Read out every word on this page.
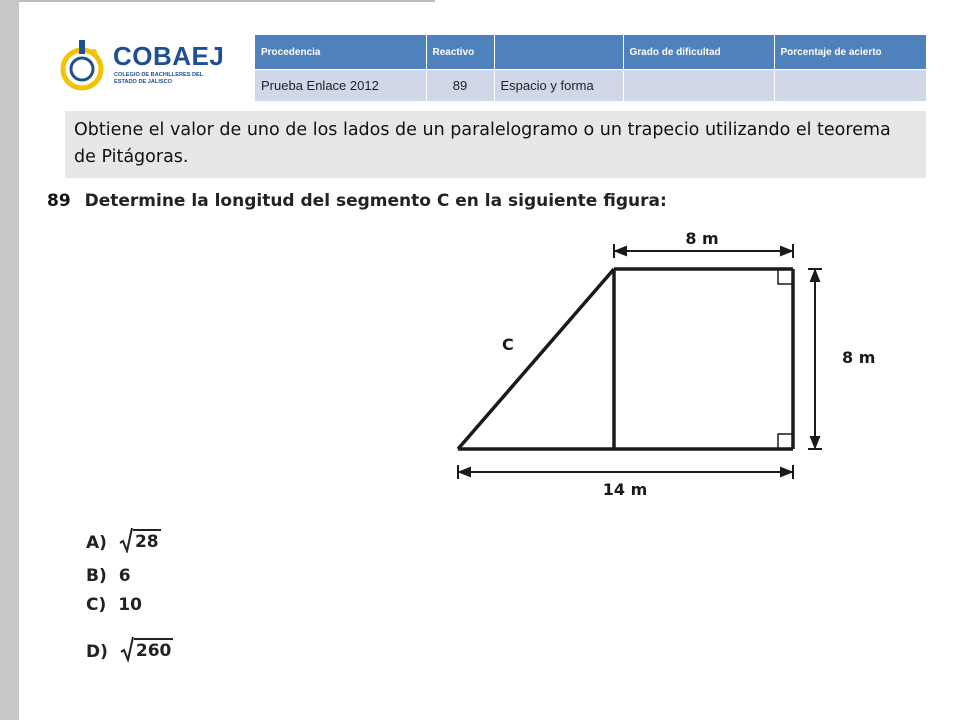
COBAEJ
COLEGIO DE BACHILLERES DEL ESTADO DE JALISCO
Procedencia	Reactivo		Grado de dificultad	Porcentaje de acierto
Prueba Enlace 2012	89	Espacio y forma		
Obtiene el valor de uno de los lados de un paralelogramo o un trapecio utilizando el teorema de Pitágoras.
89 Determine la longitud del segmento C en la siguiente figura:
C
8 m
8 m
14 m
A) 28
B) 6
C) 10
D) 260
